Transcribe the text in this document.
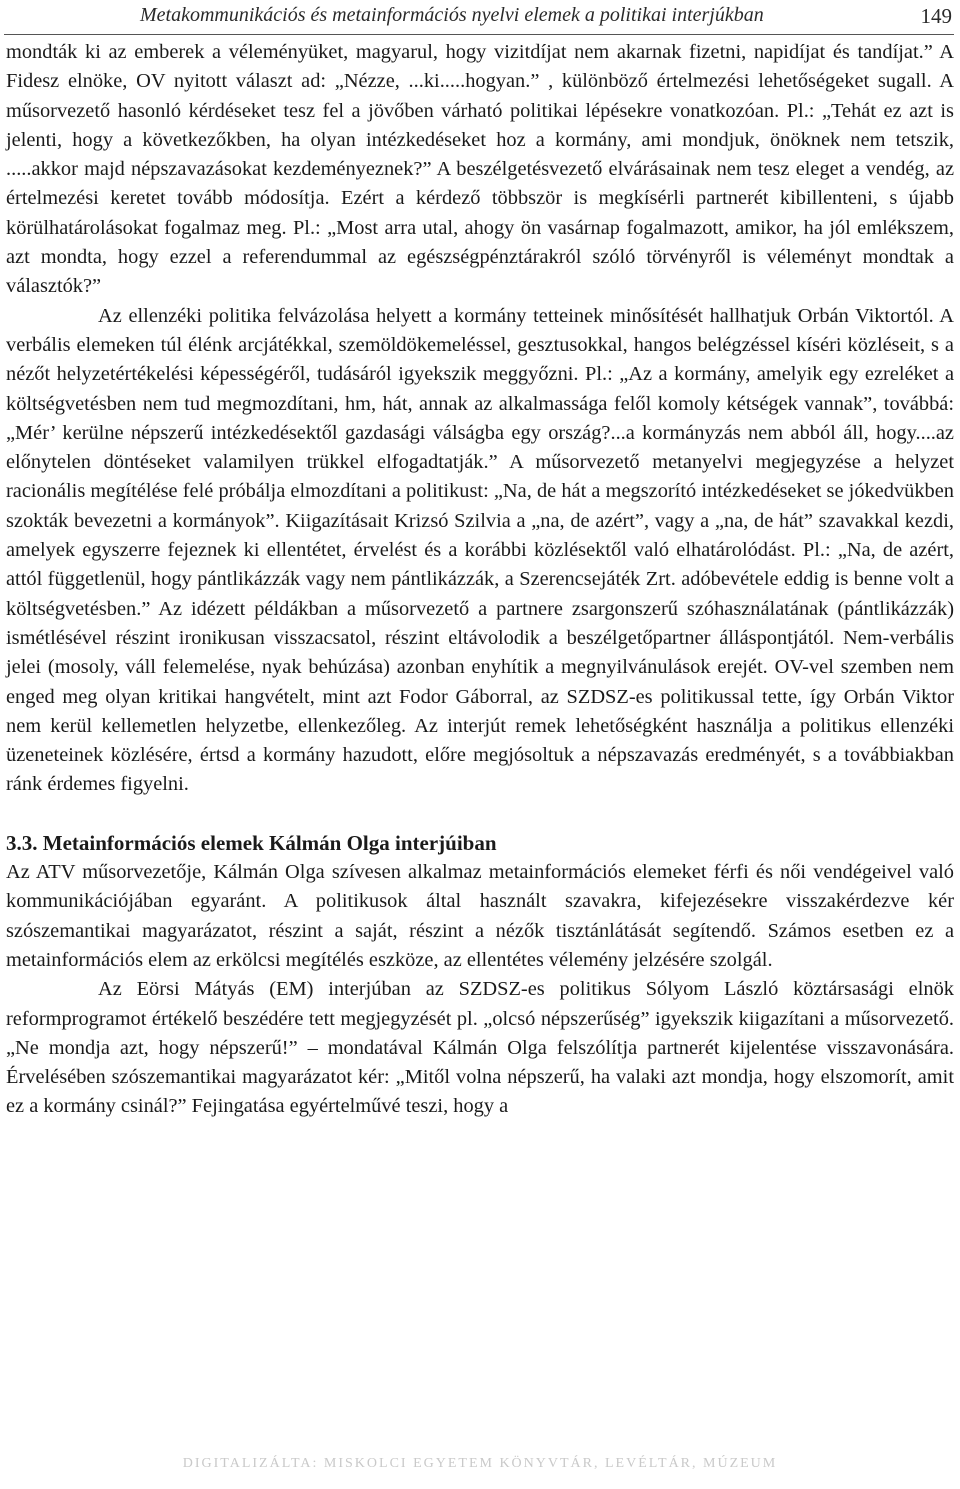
Metakommunikációs és metainformációs nyelvi elemek a politikai interjúkban	149

mondták ki az emberek a véleményüket, magyarul, hogy vizitdíjat nem akarnak fizetni, napidíjat és tandíjat.” A Fidesz elnöke, OV nyitott választ ad: „Nézze, ...ki.....hogyan.” , különböző értelmezési lehetőségeket sugall. A műsorvezető hasonló kérdéseket tesz fel a jövőben várható politikai lépésekre vonatkozóan. Pl.: „Tehát ez azt is jelenti, hogy a következőkben, ha olyan intézkedéseket hoz a kormány, ami mondjuk, önöknek nem tetszik, .....akkor majd népszavazásokat kezdeményeznek?” A beszélgetésvezető elvárásainak nem tesz eleget a vendég, az értelmezési keretet tovább módosítja. Ezért a kérdező többször is megkísérli partnerét kibillenteni, s újabb körülhatárolásokat fogalmaz meg. Pl.: „Most arra utal, ahogy ön vasárnap fogalmazott, amikor, ha jól emlékszem, azt mondta, hogy ezzel a referendummal az egészségpénztárakról szóló törvényről is véleményt mondtak a választók?”

Az ellenzéki politika felvázolása helyett a kormány tetteinek minősítését hallhatjuk Orbán Viktortól. A verbális elemeken túl élénk arcjátékkal, szemöldökemeléssel, gesztusokkal, hangos belégzéssel kíséri közléseit, s a nézőt helyzetértékelési képességéről, tudásáról igyekszik meggyőzni. Pl.: „Az a kormány, amelyik egy ezreléket a költségvetésben nem tud megmozdítani, hm, hát, annak az alkalmassága felől komoly kétségek vannak”, továbbá: „Mér’ kerülne népszerű intézkedésektől gazdasági válságba egy ország?...a kormányzás nem abból áll, hogy....az előnytelen döntéseket valamilyen trükkel elfogadtatják.” A műsorvezető metanyelvi megjegyzése a helyzet racionális megítélése felé próbálja elmozdítani a politikust: „Na, de hát a megszorító intézkedéseket se jókedvükben szokták bevezetni a kormányok”. Kiigazításait Krizsó Szilvia a „na, de azért”, vagy a „na, de hát” szavakkal kezdi, amelyek egyszerre fejeznek ki ellentétet, érvelést és a korábbi közlésektől való elhatárolódást. Pl.: „Na, de azért, attól függetlenül, hogy pántlikázzák vagy nem pántlikázzák, a Szerencsejáték Zrt. adóbevétele eddig is benne volt a költségvetésben.” Az idézett példákban a műsorvezető a partnere zsargonszerű szóhasználatának (pántlikázzák) ismétlésével részint ironikusan visszacsatol, részint eltávolodik a beszélgetőpartner álláspontjától. Nem-verbális jelei (mosoly, váll felemelése, nyak behúzása) azonban enyhítik a megnyilvánulások erejét. OV-vel szemben nem enged meg olyan kritikai hangvételt, mint azt Fodor Gáborral, az SZDSZ-es politikussal tette, így Orbán Viktor nem kerül kellemetlen helyzetbe, ellenkezőleg. Az interjút remek lehetőségként használja a politikus ellenzéki üzeneteinek közlésére, értsd a kormány hazudott, előre megjósoltuk a népszavazás eredményét, s a továbbiakban ránk érdemes figyelni.

3.3. Metainformációs elemek Kálmán Olga interjúiban

Az ATV műsorvezetője, Kálmán Olga szívesen alkalmaz metainformációs elemeket férfi és női vendégeivel való kommunikációjában egyaránt. A politikusok által használt szavakra, kifejezésekre visszakérdezve kér szószemantikai magyarázatot, részint a saját, részint a nézők tisztánlátását segítendő. Számos esetben ez a metainformációs elem az erkölcsi megítélés eszköze, az ellentétes vélemény jelzésére szolgál.

Az Eörsi Mátyás (EM) interjúban az SZDSZ-es politikus Sólyom László köztársasági elnök reformprogramot értékelő beszédére tett megjegyzését pl. „olcsó népszerűség” igyekszik kiigazítani a műsorvezető. „Ne mondja azt, hogy népszerű!” – mondatával Kálmán Olga felszólítja partnerét kijelentése visszavonására. Érvelésében szószemantikai magyarázatot kér: „Mitől volna népszerű, ha valaki azt mondja, hogy elszomorít, amit ez a kormány csinál?” Fejingatása egyértelművé teszi, hogy a

DIGITALIZÁLTA: MISKOLCI EGYETEM KÖNYVTÁR, LEVÉLTÁR, MÚZEUM
